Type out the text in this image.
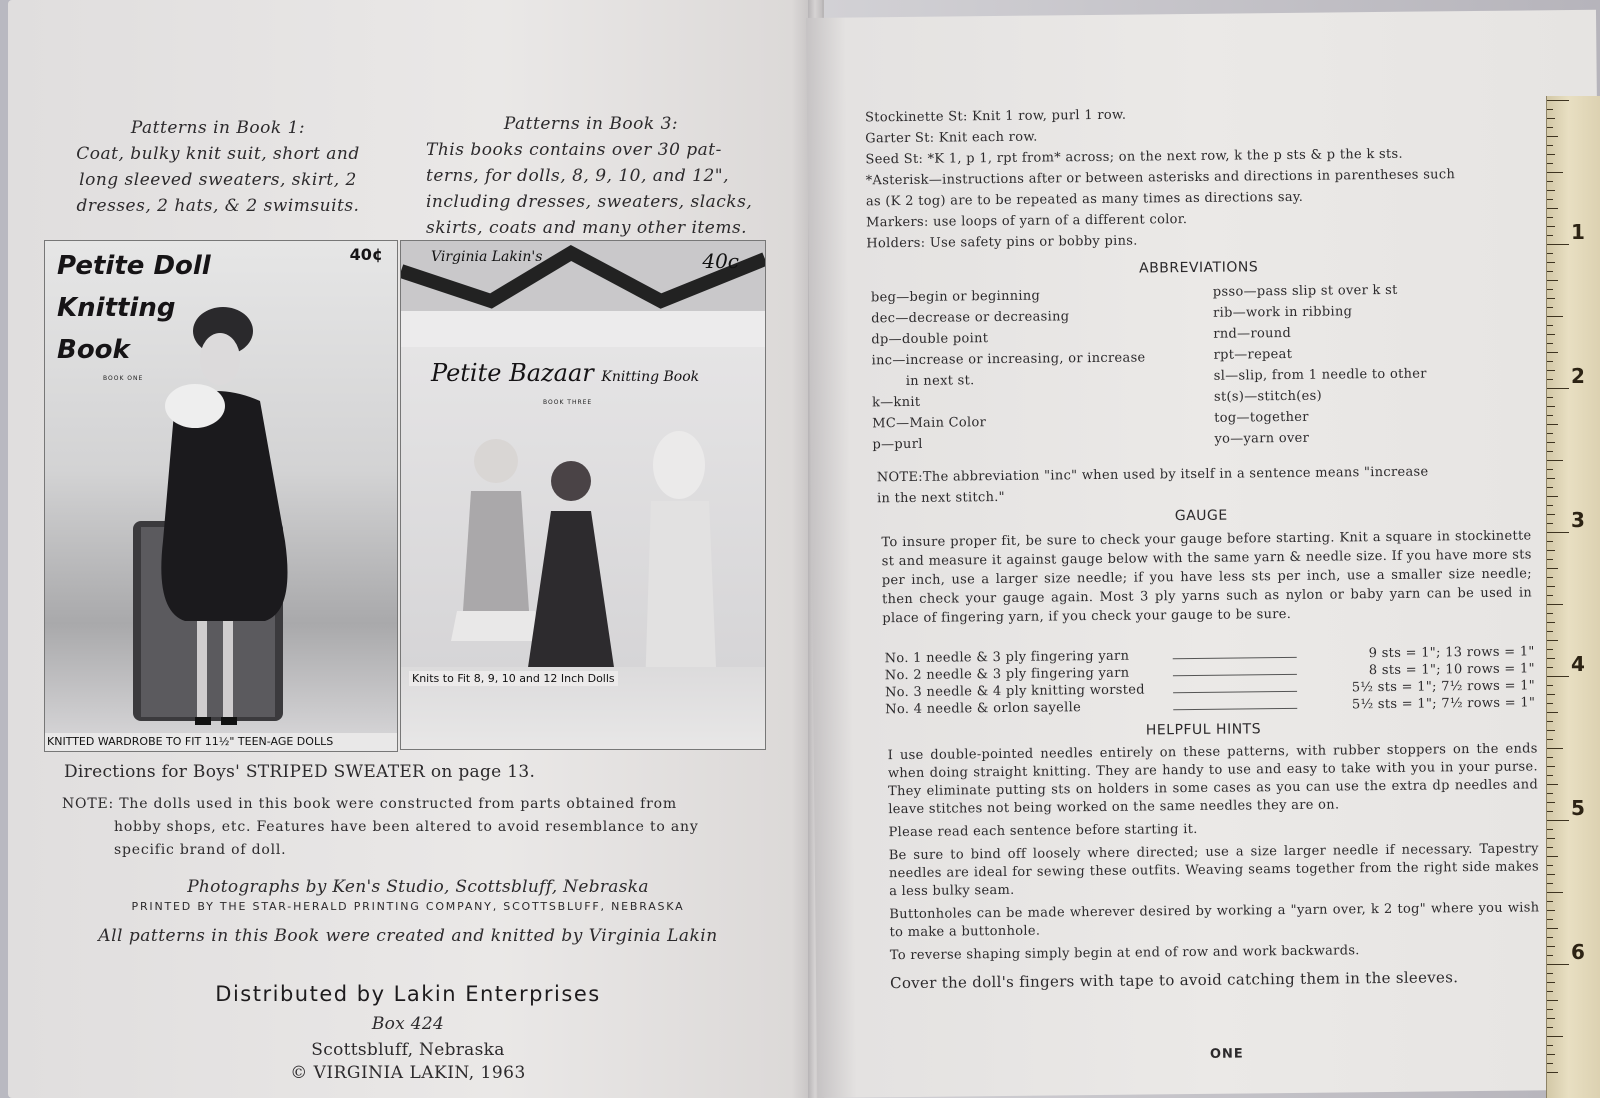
Patterns in Book 1:
Coat, bulky knit suit, short and
long sleeved sweaters, skirt, 2
dresses, 2 hats, & 2 swimsuits.
Patterns in Book 3:
This books contains over 30 pat-
terns, for dolls, 8, 9, 10, and 12",
including dresses, sweaters, slacks,
skirts, coats and many other items.
Petite Doll
Knitting
Book
40¢
BOOK ONE
KNITTED WARDROBE TO FIT 11½" TEEN-AGE DOLLS
Virginia Lakin's	40c
Petite Bazaar Knitting Book
BOOK THREE
Knits to Fit 8, 9, 10 and 12 Inch Dolls
Directions for Boys' STRIPED SWEATER on page 13.
NOTE: The dolls used in this book were constructed from parts obtained from
hobby shops, etc. Features have been altered to avoid resemblance to any
specific brand of doll.
Photographs by Ken's Studio, Scottsbluff, Nebraska
PRINTED BY THE STAR-HERALD PRINTING COMPANY, SCOTTSBLUFF, NEBRASKA
All patterns in this Book were created and knitted by Virginia Lakin
Distributed by Lakin Enterprises
Box 424
Scottsbluff, Nebraska
© VIRGINIA LAKIN, 1963
Stockinette St: Knit 1 row, purl 1 row.
Garter St: Knit each row.
Seed St: *K 1, p 1, rpt from* across; on the next row, k the p sts & p the k sts.
*Asterisk—instructions after or between asterisks and directions in parentheses such
as (K 2 tog) are to be repeated as many times as directions say.
Markers: use loops of yarn of a different color.
Holders: Use safety pins or bobby pins.
ABBREVIATIONS
beg—begin or beginning
dec—decrease or decreasing
dp—double point
inc—increase or increasing, or increase
in next st.
k—knit
MC—Main Color
p—purl
psso—pass slip st over k st
rib—work in ribbing
rnd—round
rpt—repeat
sl—slip, from 1 needle to other
st(s)—stitch(es)
tog—together
yo—yarn over
NOTE:The abbreviation "inc" when used by itself in a sentence means "increase
in the next stitch."
GAUGE
To insure proper fit, be sure to check your gauge before starting. Knit a square in stockinette st and measure it against gauge below with the same yarn & needle size. If you have more sts per inch, use a larger size needle; if you have less sts per inch, use a smaller size needle; then check your gauge again. Most 3 ply yarns such as nylon or baby yarn can be used in place of fingering yarn, if you check your gauge to be sure.
No. 1 needle & 3 ply fingering yarn	9 sts = 1"; 13 rows = 1"
No. 2 needle & 3 ply fingering yarn	8 sts = 1"; 10 rows = 1"
No. 3 needle & 4 ply knitting worsted	5½ sts = 1"; 7½ rows = 1"
No. 4 needle & orlon sayelle	5½ sts = 1"; 7½ rows = 1"
HELPFUL HINTS

I use double-pointed needles entirely on these patterns, with rubber stoppers on the ends when doing straight knitting. They are handy to use and easy to take with you in your purse. They eliminate putting sts on holders in some cases as you can use the extra dp needles and leave stitches not being worked on the same needles they are on.

Please read each sentence before starting it.

Be sure to bind off loosely where directed; use a size larger needle if necessary. Tapestry needles are ideal for sewing these outfits. Weaving seams together from the right side makes a less bulky seam.

Buttonholes can be made wherever desired by working a "yarn over, k 2 tog" where you wish to make a buttonhole.

To reverse shaping simply begin at end of row and work backwards.

Cover the doll's fingers with tape to avoid catching them in the sleeves.

ONE
1
2
3
4
5
6
